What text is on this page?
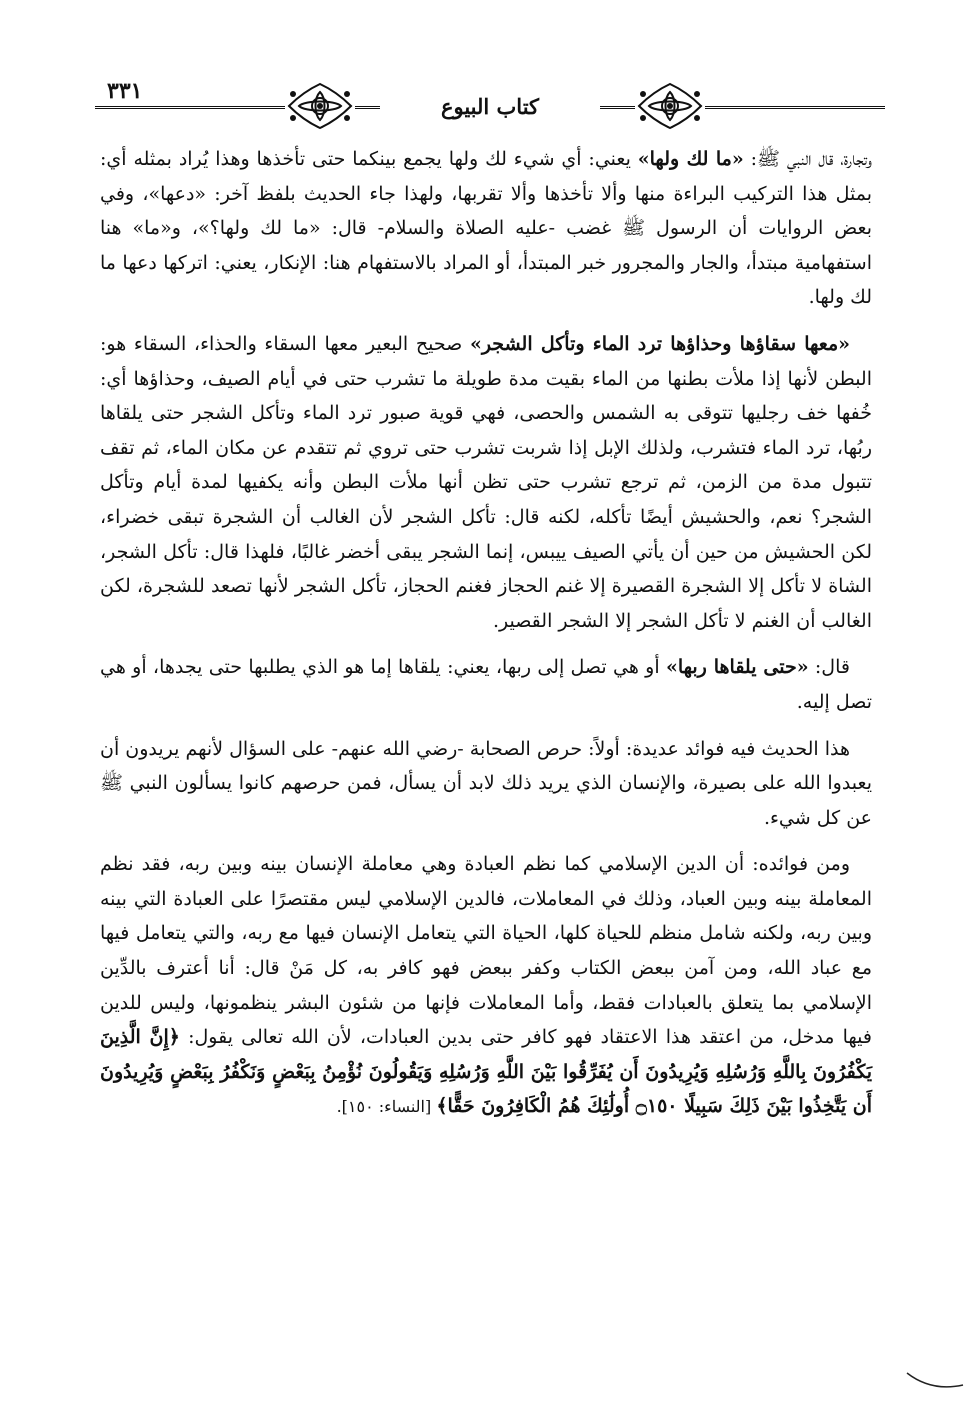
٣٣١
كتاب البيوع

وتجارة، قال النبي ﷺ: «ما لك ولها» يعني: أي شيء لك ولها يجمع بينكما حتى تأخذها وهذا يُراد بمثله أي: بمثل هذا التركيب البراءة منها وألا تأخذها وألا تقربها، ولهذا جاء الحديث بلفظ آخر: «دعها»، وفي بعض الروايات أن الرسول ﷺ غضب -عليه الصلاة والسلام- قال: «ما لك ولها؟»، و«ما» هنا استفهامية مبتدأ، والجار والمجرور خبر المبتدأ، أو المراد بالاستفهام هنا: الإنكار، يعني: اتركها دعها ما لك ولها.

«معها سقاؤها وحذاؤها ترد الماء وتأكل الشجر» صحيح البعير معها السقاء والحذاء، السقاء هو: البطن لأنها إذا ملأت بطنها من الماء بقيت مدة طويلة ما تشرب حتى في أيام الصيف، وحذاؤها أي: خُفها خف رجليها تتوقى به الشمس والحصى، فهي قوية صبور ترد الماء وتأكل الشجر حتى يلقاها ربُها، ترد الماء فتشرب، ولذلك الإبل إذا شربت تشرب حتى تروي ثم تتقدم عن مكان الماء، ثم تقف تتبول مدة من الزمن، ثم ترجع تشرب حتى تظن أنها ملأت البطن وأنه يكفيها لمدة أيام وتأكل الشجر؟ نعم، والحشيش أيضًا تأكله، لكنه قال: تأكل الشجر لأن الغالب أن الشجرة تبقى خضراء، لكن الحشيش من حين أن يأتي الصيف ييبس، إنما الشجر يبقى أخضر غالبًا، فلهذا قال: تأكل الشجر، الشاة لا تأكل إلا الشجرة القصيرة إلا غنم الحجاز فغنم الحجاز، تأكل الشجر لأنها تصعد للشجرة، لكن الغالب أن الغنم لا تأكل الشجر إلا الشجر القصير.

قال: «حتى يلقاها ربها» أو هي تصل إلى ربها، يعني: يلقاها إما هو الذي يطلبها حتى يجدها، أو هي تصل إليه.

هذا الحديث فيه فوائد عديدة: أولاً: حرص الصحابة -رضي الله عنهم- على السؤال لأنهم يريدون أن يعبدوا الله على بصيرة، والإنسان الذي يريد ذلك لابد أن يسأل، فمن حرصهم كانوا يسألون النبي ﷺ عن كل شيء.

ومن فوائده: أن الدين الإسلامي كما نظم العبادة وهي معاملة الإنسان بينه وبين ربه، فقد نظم المعاملة بينه وبين العباد، وذلك في المعاملات، فالدين الإسلامي ليس مقتصرًا على العبادة التي بينه وبين ربه، ولكنه شامل منظم للحياة كلها، الحياة التي يتعامل الإنسان فيها مع ربه، والتي يتعامل فيها مع عباد الله، ومن آمن ببعض الكتاب وكفر ببعض فهو كافر به، كل مَنْ قال: أنا أعترف بالدِّين الإسلامي بما يتعلق بالعبادات فقط، وأما المعاملات فإنها من شئون البشر ينظمونها، وليس للدين فيها مدخل، من اعتقد هذا الاعتقاد فهو كافر حتى بدين العبادات، لأن الله تعالى يقول: ﴿إِنَّ الَّذِينَ يَكْفُرُونَ بِاللَّهِ وَرُسُلِهِ وَيُرِيدُونَ أَن يُفَرِّقُوا بَيْنَ اللَّهِ وَرُسُلِهِ وَيَقُولُونَ نُؤْمِنُ بِبَعْضٍ وَنَكْفُرُ بِبَعْضٍ وَيُرِيدُونَ أَن يَتَّخِذُوا بَيْنَ ذَلِكَ سَبِيلًا ۝١٥٠ أُولَٰئِكَ هُمُ الْكَافِرُونَ حَقًّا﴾ [النساء: ١٥٠].
